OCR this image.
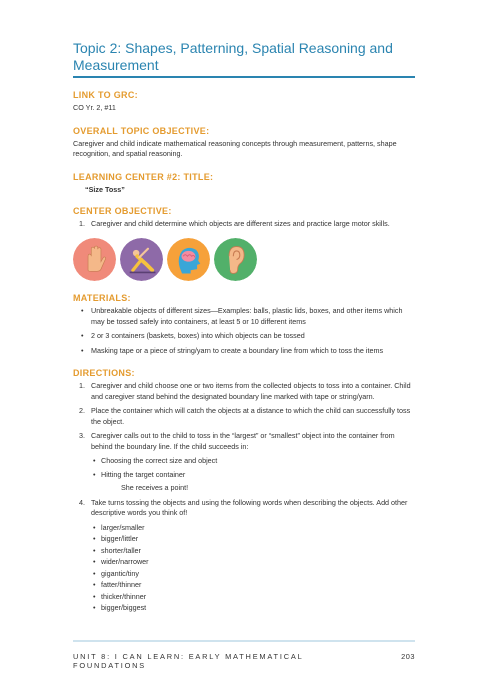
Topic 2: Shapes, Patterning, Spatial Reasoning and Measurement
LINK TO GRC:

CO Yr. 2, #11

OVERALL TOPIC OBJECTIVE:

Caregiver and child indicate mathematical reasoning concepts through measurement, patterns, shape recognition, and spatial reasoning.

LEARNING CENTER #2: TITLE:

“Size Toss”

CENTER OBJECTIVE:
1. Caregiver and child determine which objects are different sizes and practice large motor skills.
MATERIALS:
• Unbreakable objects of different sizes—Examples: balls, plastic lids, boxes, and other items which may be tossed safely into containers, at least 5 or 10 different items
• 2 or 3 containers (baskets, boxes) into which objects can be tossed
• Masking tape or a piece of string/yarn to create a boundary line from which to toss the items
DIRECTIONS:
1. Caregiver and child choose one or two items from the collected objects to toss into a container. Child and caregiver stand behind the designated boundary line marked with tape or string/yarn.
2. Place the container which will catch the objects at a distance to which the child can successfully toss the object.
3. Caregiver calls out to the child to toss in the “largest” or “smallest” object into the container from behind the boundary line. If the child succeeds in:
• Choosing the correct size and object
• Hitting the target container

She receives a point!

4. Take turns tossing the objects and using the following words when describing the objects. Add other descriptive words you think of!
• larger/smaller
• bigger/littler
• shorter/taller
• wider/narrower
• gigantic/tiny
• fatter/thinner
• thicker/thinner
• bigger/biggest
UNIT 8: I CAN LEARN: EARLY MATHEMATICAL FOUNDATIONS
203
